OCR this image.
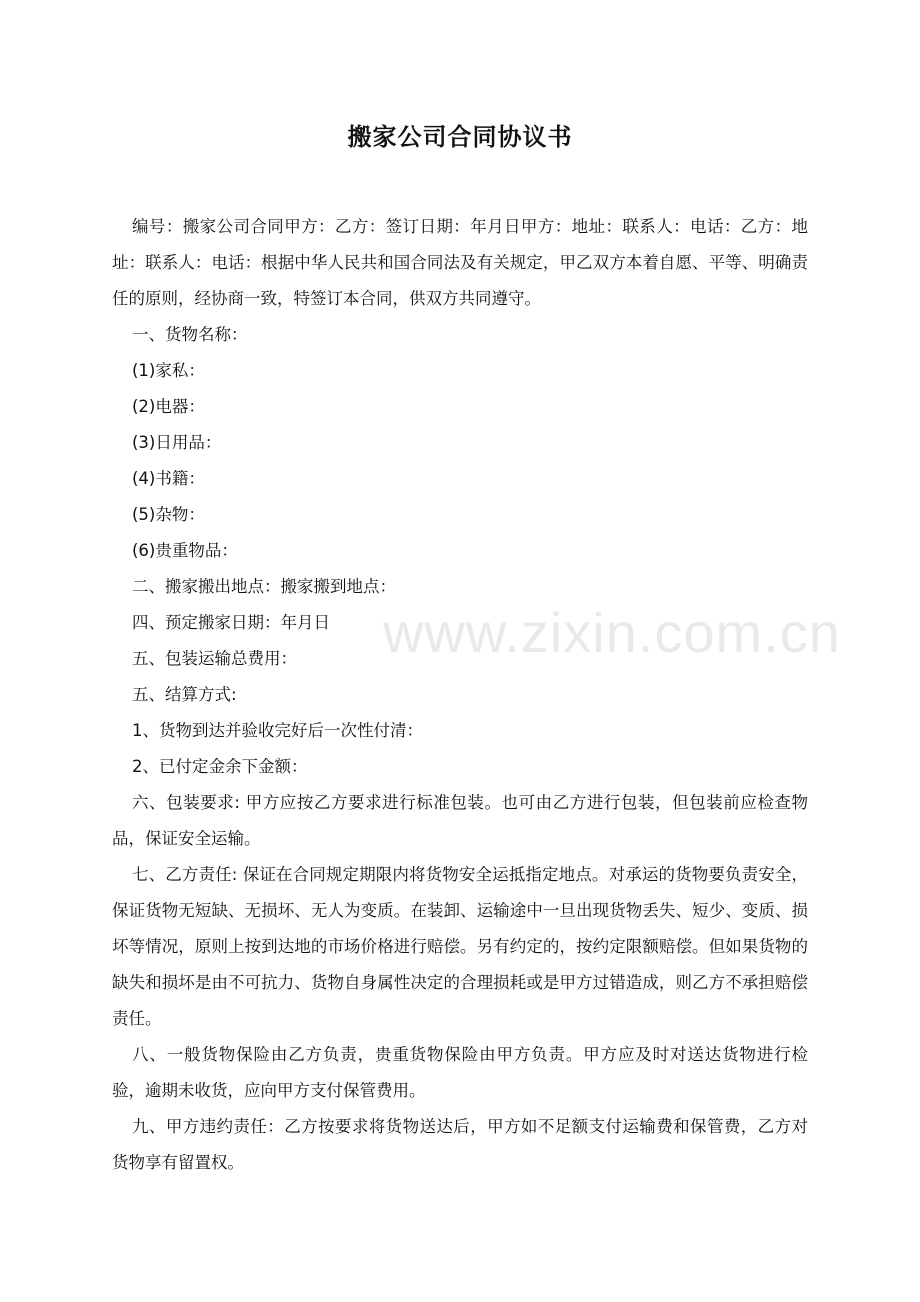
搬家公司合同协议书

编号：搬家公司合同甲方：乙方：签订日期：年月日甲方：地址：联系人：电话：乙方：地址：联系人：电话：根据中华人民共和国合同法及有关规定，甲乙双方本着自愿、平等、明确责任的原则，经协商一致，特签订本合同，供双方共同遵守。

一、货物名称：

(1)家私：

(2)电器：

(3)日用品：

(4)书籍：

(5)杂物：

(6)贵重物品：

二、搬家搬出地点：搬家搬到地点：

四、预定搬家日期：年月日

五、包装运输总费用：

五、结算方式:

1、货物到达并验收完好后一次性付清：

2、已付定金余下金额：

六、包装要求: 甲方应按乙方要求进行标准包装。也可由乙方进行包装，但包装前应检查物品，保证安全运输。

七、乙方责任: 保证在合同规定期限内将货物安全运抵指定地点。对承运的货物要负责安全，保证货物无短缺、无损坏、无人为变质。在装卸、运输途中一旦出现货物丢失、短少、变质、损坏等情况，原则上按到达地的市场价格进行赔偿。另有约定的，按约定限额赔偿。但如果货物的缺失和损坏是由不可抗力、货物自身属性决定的合理损耗或是甲方过错造成，则乙方不承担赔偿责任。

八、一般货物保险由乙方负责，贵重货物保险由甲方负责。甲方应及时对送达货物进行检验，逾期未收货，应向甲方支付保管费用。

九、甲方违约责任：乙方按要求将货物送达后，甲方如不足额支付运输费和保管费，乙方对货物享有留置权。

www.zixin.com.cn
